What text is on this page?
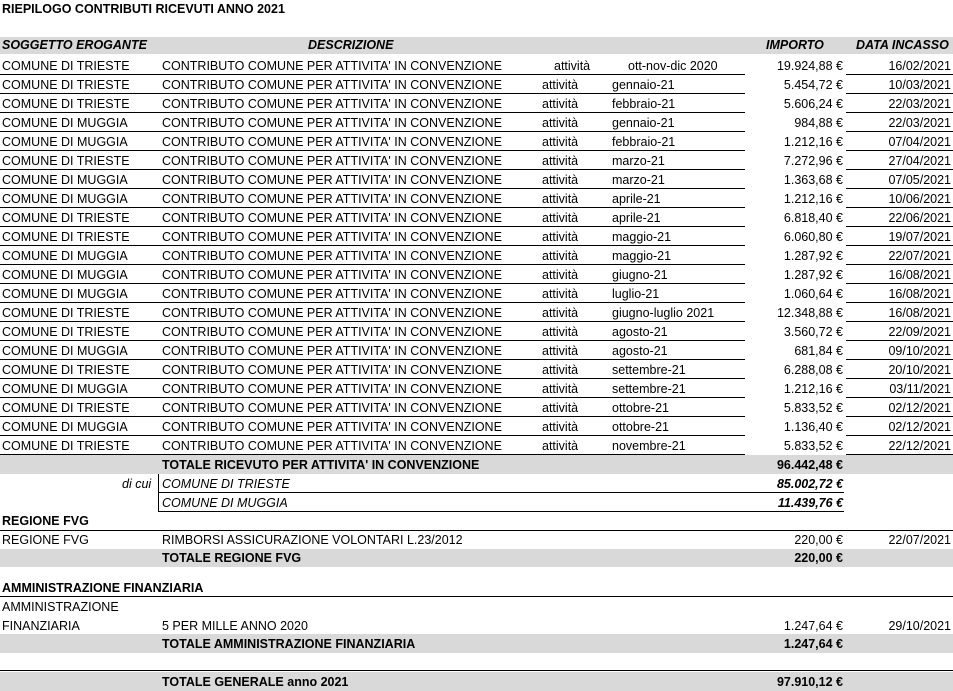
RIEPILOGO CONTRIBUTI RICEVUTI ANNO 2021
SOGGETTO EROGANTE	DESCRIZIONE	IMPORTO	DATA INCASSO
COMUNE DI TRIESTE	CONTRIBUTO COMUNE PER ATTIVITA' IN CONVENZIONE	attività	ott-nov-dic 2020	19.924,88 €	16/02/2021
COMUNE DI TRIESTE	CONTRIBUTO COMUNE PER ATTIVITA' IN CONVENZIONE	attività	gennaio-21	5.454,72 €	10/03/2021
COMUNE DI TRIESTE	CONTRIBUTO COMUNE PER ATTIVITA' IN CONVENZIONE	attività	febbraio-21	5.606,24 €	22/03/2021
COMUNE DI MUGGIA	CONTRIBUTO COMUNE PER ATTIVITA' IN CONVENZIONE	attività	gennaio-21	984,88 €	22/03/2021
COMUNE DI MUGGIA	CONTRIBUTO COMUNE PER ATTIVITA' IN CONVENZIONE	attività	febbraio-21	1.212,16 €	07/04/2021
COMUNE DI TRIESTE	CONTRIBUTO COMUNE PER ATTIVITA' IN CONVENZIONE	attività	marzo-21	7.272,96 €	27/04/2021
COMUNE DI MUGGIA	CONTRIBUTO COMUNE PER ATTIVITA' IN CONVENZIONE	attività	marzo-21	1.363,68 €	07/05/2021
COMUNE DI MUGGIA	CONTRIBUTO COMUNE PER ATTIVITA' IN CONVENZIONE	attività	aprile-21	1.212,16 €	10/06/2021
COMUNE DI TRIESTE	CONTRIBUTO COMUNE PER ATTIVITA' IN CONVENZIONE	attività	aprile-21	6.818,40 €	22/06/2021
COMUNE DI TRIESTE	CONTRIBUTO COMUNE PER ATTIVITA' IN CONVENZIONE	attività	maggio-21	6.060,80 €	19/07/2021
COMUNE DI MUGGIA	CONTRIBUTO COMUNE PER ATTIVITA' IN CONVENZIONE	attività	maggio-21	1.287,92 €	22/07/2021
COMUNE DI MUGGIA	CONTRIBUTO COMUNE PER ATTIVITA' IN CONVENZIONE	attività	giugno-21	1.287,92 €	16/08/2021
COMUNE DI MUGGIA	CONTRIBUTO COMUNE PER ATTIVITA' IN CONVENZIONE	attività	luglio-21	1.060,64 €	16/08/2021
COMUNE DI TRIESTE	CONTRIBUTO COMUNE PER ATTIVITA' IN CONVENZIONE	attività	giugno-luglio 2021	12.348,88 €	16/08/2021
COMUNE DI TRIESTE	CONTRIBUTO COMUNE PER ATTIVITA' IN CONVENZIONE	attività	agosto-21	3.560,72 €	22/09/2021
COMUNE DI MUGGIA	CONTRIBUTO COMUNE PER ATTIVITA' IN CONVENZIONE	attività	agosto-21	681,84 €	09/10/2021
COMUNE DI TRIESTE	CONTRIBUTO COMUNE PER ATTIVITA' IN CONVENZIONE	attività	settembre-21	6.288,08 €	20/10/2021
COMUNE DI MUGGIA	CONTRIBUTO COMUNE PER ATTIVITA' IN CONVENZIONE	attività	settembre-21	1.212,16 €	03/11/2021
COMUNE DI TRIESTE	CONTRIBUTO COMUNE PER ATTIVITA' IN CONVENZIONE	attività	ottobre-21	5.833,52 €	02/12/2021
COMUNE DI MUGGIA	CONTRIBUTO COMUNE PER ATTIVITA' IN CONVENZIONE	attività	ottobre-21	1.136,40 €	02/12/2021
COMUNE DI TRIESTE	CONTRIBUTO COMUNE PER ATTIVITA' IN CONVENZIONE	attività	novembre-21	5.833,52 €	22/12/2021
TOTALE RICEVUTO PER ATTIVITA' IN CONVENZIONE	96.442,48 €
di cui COMUNE DI TRIESTE	85.002,72 €
COMUNE DI MUGGIA	11.439,76 €
REGIONE FVG
REGIONE FVG	RIMBORSI ASSICURAZIONE VOLONTARI L.23/2012	220,00 €	22/07/2021
TOTALE REGIONE FVG	220,00 €
AMMINISTRAZIONE FINANZIARIA
AMMINISTRAZIONE
FINANZIARIA	5 PER MILLE ANNO 2020	1.247,64 €	29/10/2021
TOTALE AMMINISTRAZIONE FINANZIARIA	1.247,64 €
TOTALE GENERALE anno 2021	97.910,12 €
